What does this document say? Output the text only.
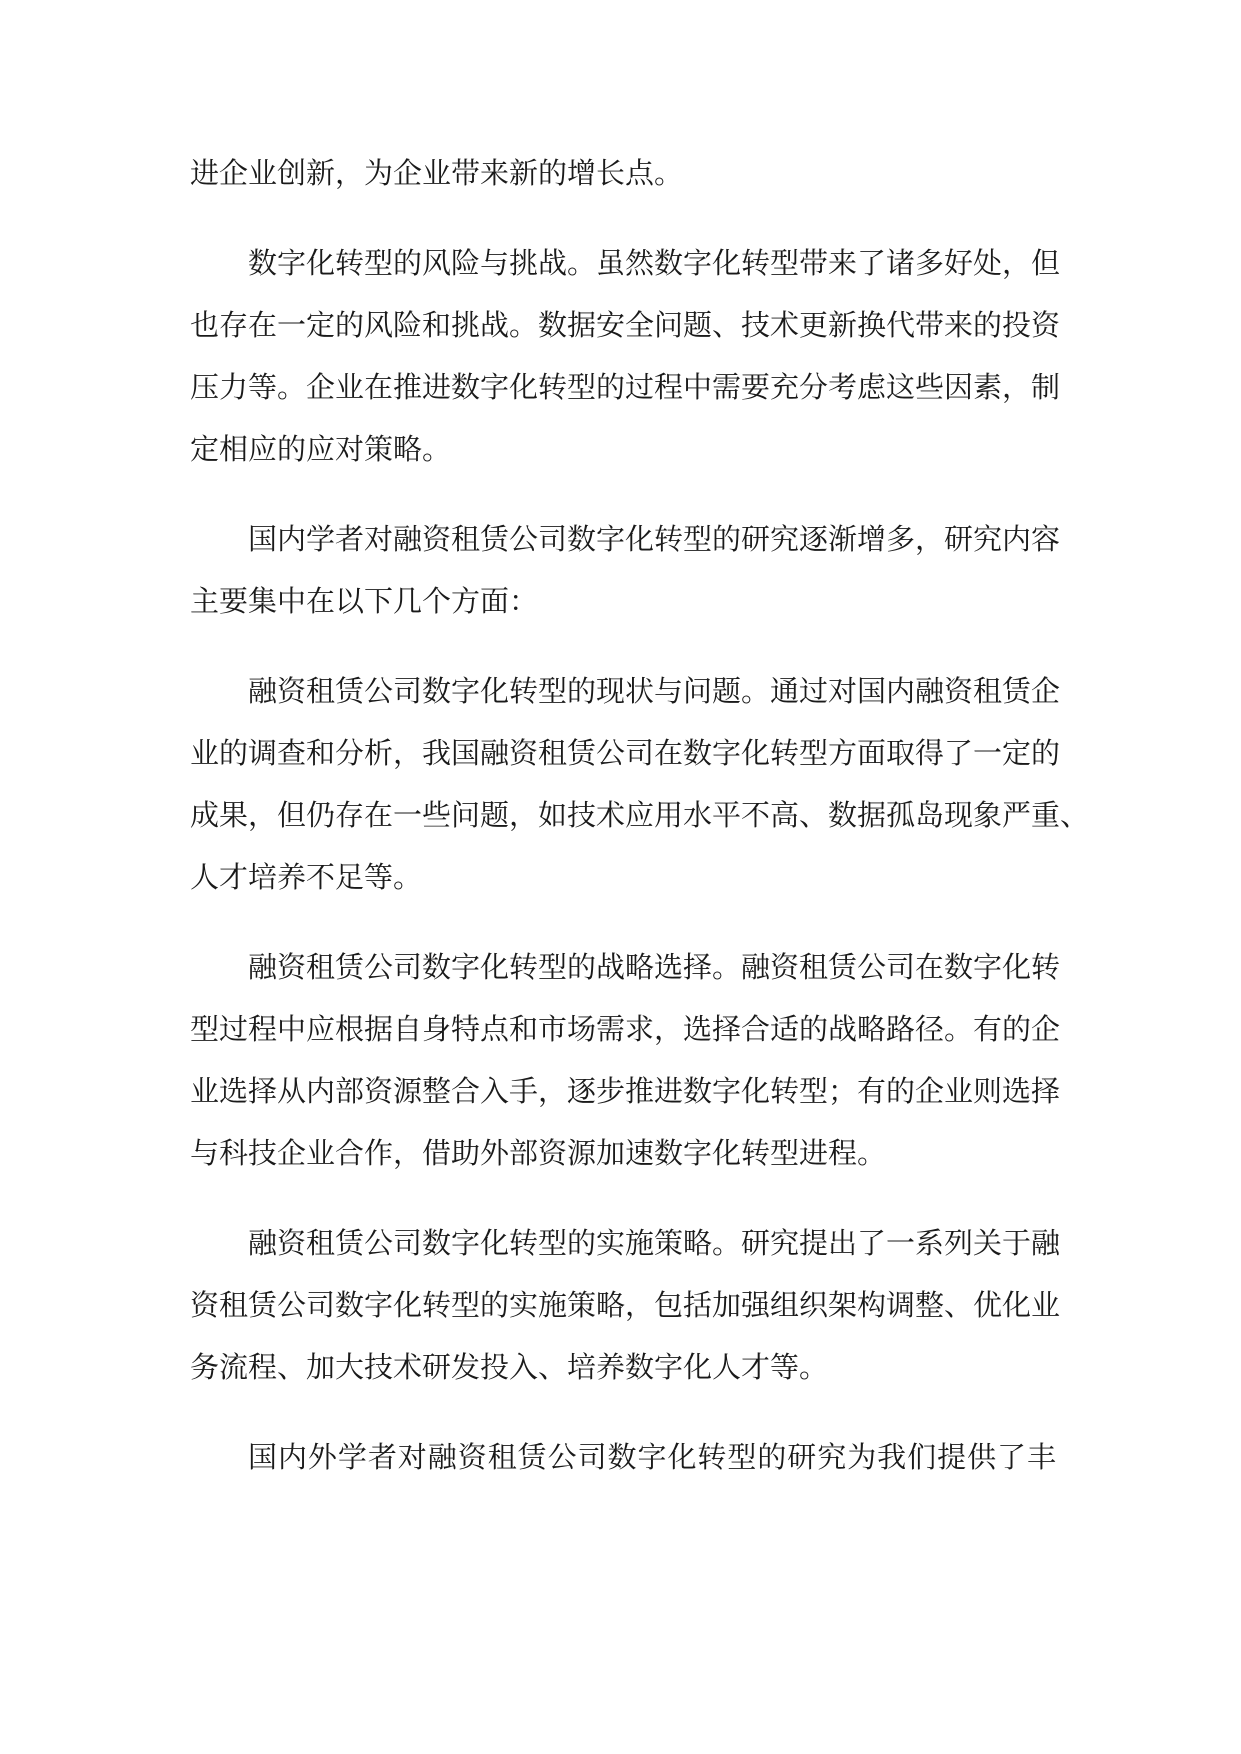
进企业创新，为企业带来新的增长点。
数字化转型的风险与挑战。虽然数字化转型带来了诸多好处，但
也存在一定的风险和挑战。数据安全问题、技术更新换代带来的投资
压力等。企业在推进数字化转型的过程中需要充分考虑这些因素，制
定相应的应对策略。
国内学者对融资租赁公司数字化转型的研究逐渐增多，研究内容
主要集中在以下几个方面：
融资租赁公司数字化转型的现状与问题。通过对国内融资租赁企
业的调查和分析，我国融资租赁公司在数字化转型方面取得了一定的
成果，但仍存在一些问题，如技术应用水平不高、数据孤岛现象严重、
人才培养不足等。
融资租赁公司数字化转型的战略选择。融资租赁公司在数字化转
型过程中应根据自身特点和市场需求，选择合适的战略路径。有的企
业选择从内部资源整合入手，逐步推进数字化转型；有的企业则选择
与科技企业合作，借助外部资源加速数字化转型进程。
融资租赁公司数字化转型的实施策略。研究提出了一系列关于融
资租赁公司数字化转型的实施策略，包括加强组织架构调整、优化业
务流程、加大技术研发投入、培养数字化人才等。
国内外学者对融资租赁公司数字化转型的研究为我们提供了丰
